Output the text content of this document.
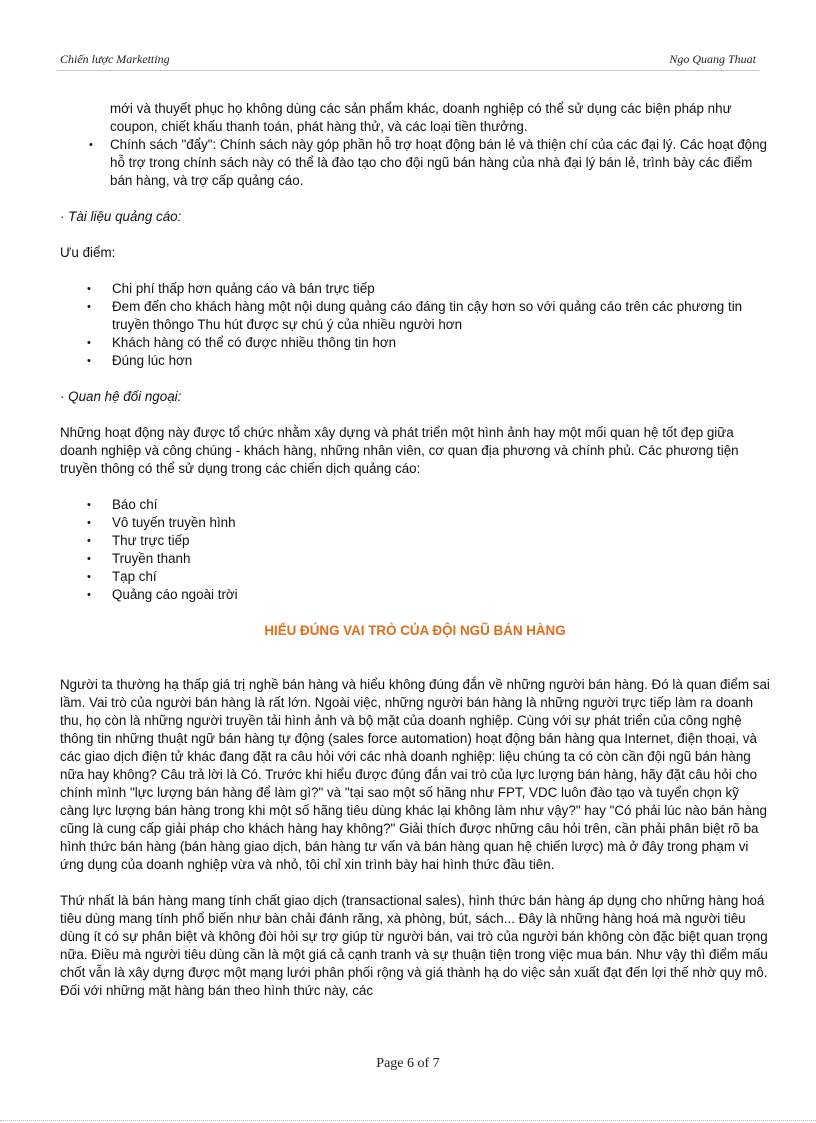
Chiến lược Marketting	Ngo Quang Thuat

mới và thuyết phục họ không dùng các sản phẩm khác, doanh nghiệp có thể sử dụng các biện pháp như coupon, chiết khấu thanh toán, phát hàng thử, và các loại tiền thưởng.

• Chính sách "đẩy": Chính sách này góp phần hỗ trợ hoạt động bán lẻ và thiện chí của các đại lý. Các hoạt động hỗ trợ trong chính sách này có thể là đào tạo cho đội ngũ bán hàng của nhà đại lý bán lẻ, trình bày các điểm bán hàng, và trợ cấp quảng cáo.

· Tài liệu quảng cáo:

Ưu điểm:

• Chi phí thấp hơn quảng cáo và bán trực tiếp
• Đem đến cho khách hàng một nội dung quảng cáo đáng tin cậy hơn so với quảng cáo trên các phương tin truyền thôngo Thu hút được sự chú ý của nhiều người hơn
• Khách hàng có thể có được nhiều thông tin hơn
• Đúng lúc hơn

· Quan hệ đối ngoại:

Những hoạt động này được tổ chức nhằm xây dựng và phát triển một hình ảnh hay một mối quan hệ tốt đẹp giữa doanh nghiệp và công chúng - khách hàng, những nhân viên, cơ quan địa phương và chính phủ. Các phương tiện truyền thông có thể sử dụng trong các chiến dịch quảng cáo:

• Báo chí
• Vô tuyến truyền hình
• Thư trực tiếp
• Truyền thanh
• Tạp chí
• Quảng cáo ngoài trời

HIỂU ĐÚNG VAI TRÒ CỦA ĐỘI NGŨ BÁN HÀNG

Người ta thường hạ thấp giá trị nghề bán hàng và hiểu không đúng đắn về những người bán hàng. Đó là quan điểm sai lầm. Vai trò của người bán hàng là rất lớn. Ngoài việc, những người bán hàng là những người trực tiếp làm ra doanh thu, họ còn là những người truyền tải hình ảnh và bộ mặt của doanh nghiệp. Cùng với sự phát triển của công nghệ thông tin những thuật ngữ bán hàng tự động (sales force automation) hoạt động bán hàng qua Internet, điện thoại, và các giao dịch điện tử khác đang đặt ra câu hỏi với các nhà doanh nghiệp: liệu chúng ta có còn cần đội ngũ bán hàng nữa hay không? Câu trả lời là Có. Trước khi hiểu được đúng đắn vai trò của lực lượng bán hàng, hãy đặt câu hỏi cho chính mình "lực lượng bán hàng để làm gì?" và "tại sao một số hãng như FPT, VDC luôn đào tạo và tuyển chọn kỹ càng lực lượng bán hàng trong khi một số hãng tiêu dùng khác lại không làm như vậy?" hay "Có phải lúc nào bán hàng cũng là cung cấp giải pháp cho khách hàng hay không?" Giải thích được những câu hỏi trên, cần phải phân biệt rõ ba hình thức bán hàng (bán hàng giao dịch, bán hàng tư vấn và bán hàng quan hệ chiến lược) mà ở đây trong phạm vi ứng dụng của doanh nghiệp vừa và nhỏ, tôi chỉ xin trình bày hai hình thức đầu tiên.

Thứ nhất là bán hàng mang tính chất giao dịch (transactional sales), hình thức bán hàng áp dụng cho những hàng hoá tiêu dùng mang tính phổ biến như bàn chải đánh răng, xà phòng, bút, sách... Đây là những hàng hoá mà người tiêu dùng ít có sự phân biệt và không đòi hỏi sự trợ giúp từ người bán, vai trò của người bán không còn đặc biệt quan trọng nữa. Điều mà người tiêu dùng cần là một giá cả cạnh tranh và sự thuận tiện trong việc mua bán. Như vậy thì điểm mấu chốt vẫn là xây dựng được một mạng lưới phân phối rộng và giá thành hạ do việc sản xuất đạt đến lợi thế nhờ quy mô. Đối với những mặt hàng bán theo hình thức này, các

Page 6 of 7
